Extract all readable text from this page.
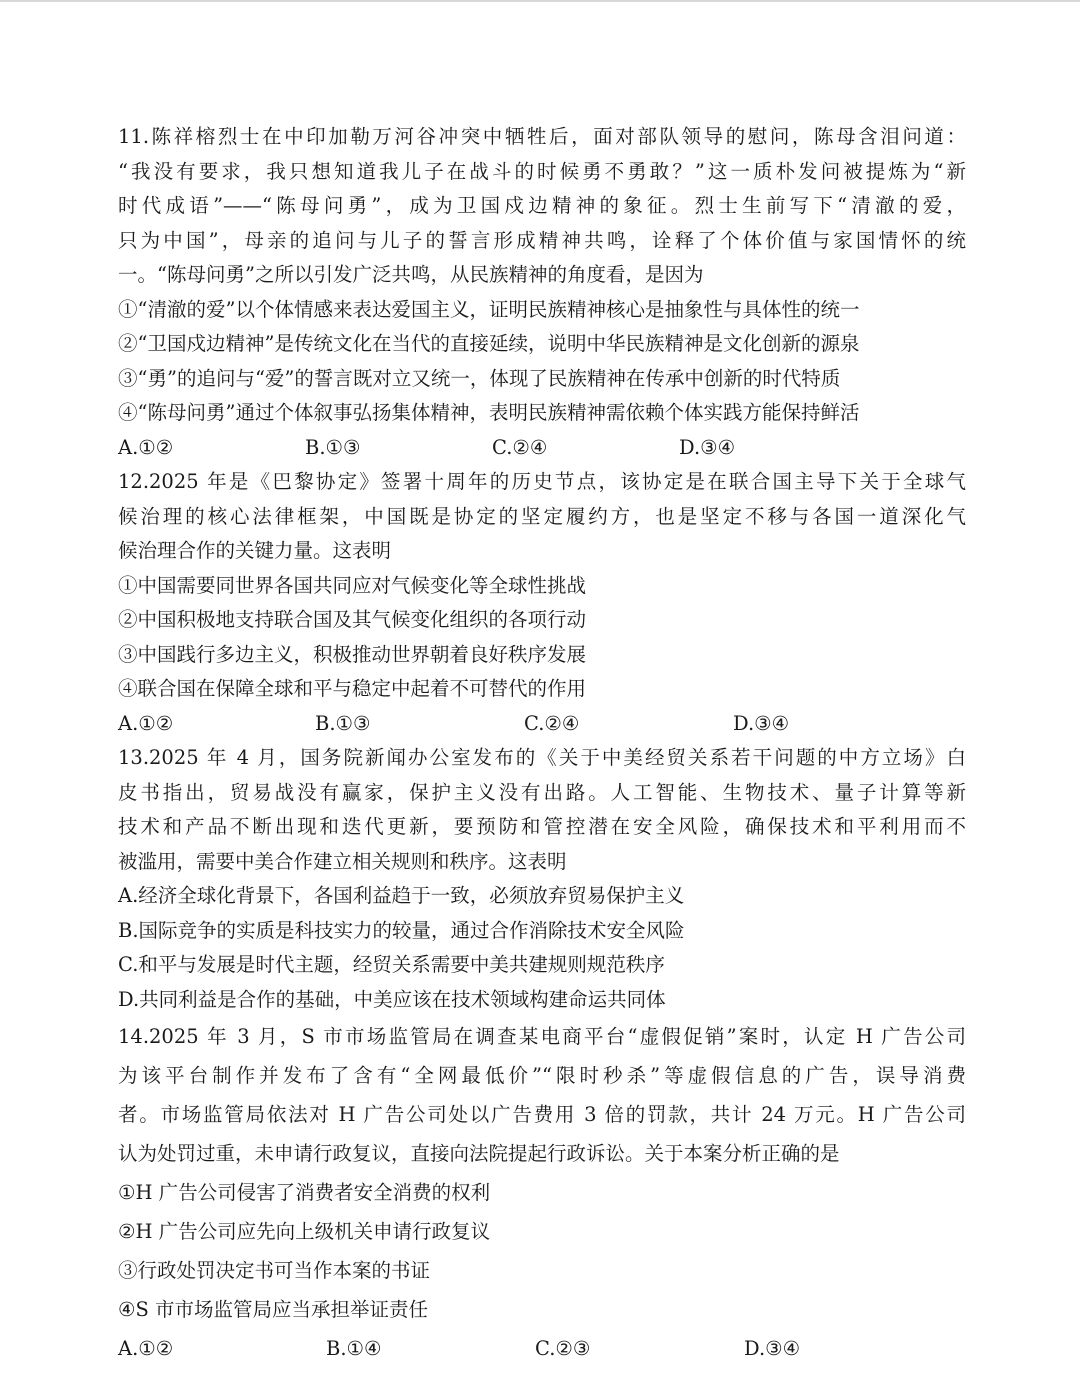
11.陈祥榕烈士在中印加勒万河谷冲突中牺牲后，面对部队领导的慰问，陈母含泪问道：
“我没有要求，我只想知道我儿子在战斗的时候勇不勇敢？”这一质朴发问被提炼为“新
时代成语”——“陈母问勇”，成为卫国戍边精神的象征。烈士生前写下“清澈的爱，
只为中国”，母亲的追问与儿子的誓言形成精神共鸣，诠释了个体价值与家国情怀的统
一。“陈母问勇”之所以引发广泛共鸣，从民族精神的角度看，是因为
①“清澈的爱”以个体情感来表达爱国主义，证明民族精神核心是抽象性与具体性的统一
②“卫国戍边精神”是传统文化在当代的直接延续，说明中华民族精神是文化创新的源泉
③“勇”的追问与“爱”的誓言既对立又统一，体现了民族精神在传承中创新的时代特质
④“陈母问勇”通过个体叙事弘扬集体精神，表明民族精神需依赖个体实践方能保持鲜活
A.①②	B.①③	C.②④	D.③④
12.2025 年是《巴黎协定》签署十周年的历史节点，该协定是在联合国主导下关于全球气
候治理的核心法律框架，中国既是协定的坚定履约方，也是坚定不移与各国一道深化气
候治理合作的关键力量。这表明
①中国需要同世界各国共同应对气候变化等全球性挑战
②中国积极地支持联合国及其气候变化组织的各项行动
③中国践行多边主义，积极推动世界朝着良好秩序发展
④联合国在保障全球和平与稳定中起着不可替代的作用
A.①②	B.①③	C.②④	D.③④
13.2025 年 4 月，国务院新闻办公室发布的《关于中美经贸关系若干问题的中方立场》白
皮书指出，贸易战没有赢家，保护主义没有出路。人工智能、生物技术、量子计算等新
技术和产品不断出现和迭代更新，要预防和管控潜在安全风险，确保技术和平利用而不
被滥用，需要中美合作建立相关规则和秩序。这表明
A.经济全球化背景下，各国利益趋于一致，必须放弃贸易保护主义
B.国际竞争的实质是科技实力的较量，通过合作消除技术安全风险
C.和平与发展是时代主题，经贸关系需要中美共建规则规范秩序
D.共同利益是合作的基础，中美应该在技术领域构建命运共同体
14.2025 年 3 月，S 市市场监管局在调查某电商平台“虚假促销”案时，认定 H 广告公司
为该平台制作并发布了含有“全网最低价”“限时秒杀”等虚假信息的广告，误导消费
者。市场监管局依法对 H 广告公司处以广告费用 3 倍的罚款，共计 24 万元。H 广告公司
认为处罚过重，未申请行政复议，直接向法院提起行政诉讼。关于本案分析正确的是
①H 广告公司侵害了消费者安全消费的权利
②H 广告公司应先向上级机关申请行政复议
③行政处罚决定书可当作本案的书证
④S 市市场监管局应当承担举证责任
A.①②	B.①④	C.②③	D.③④
